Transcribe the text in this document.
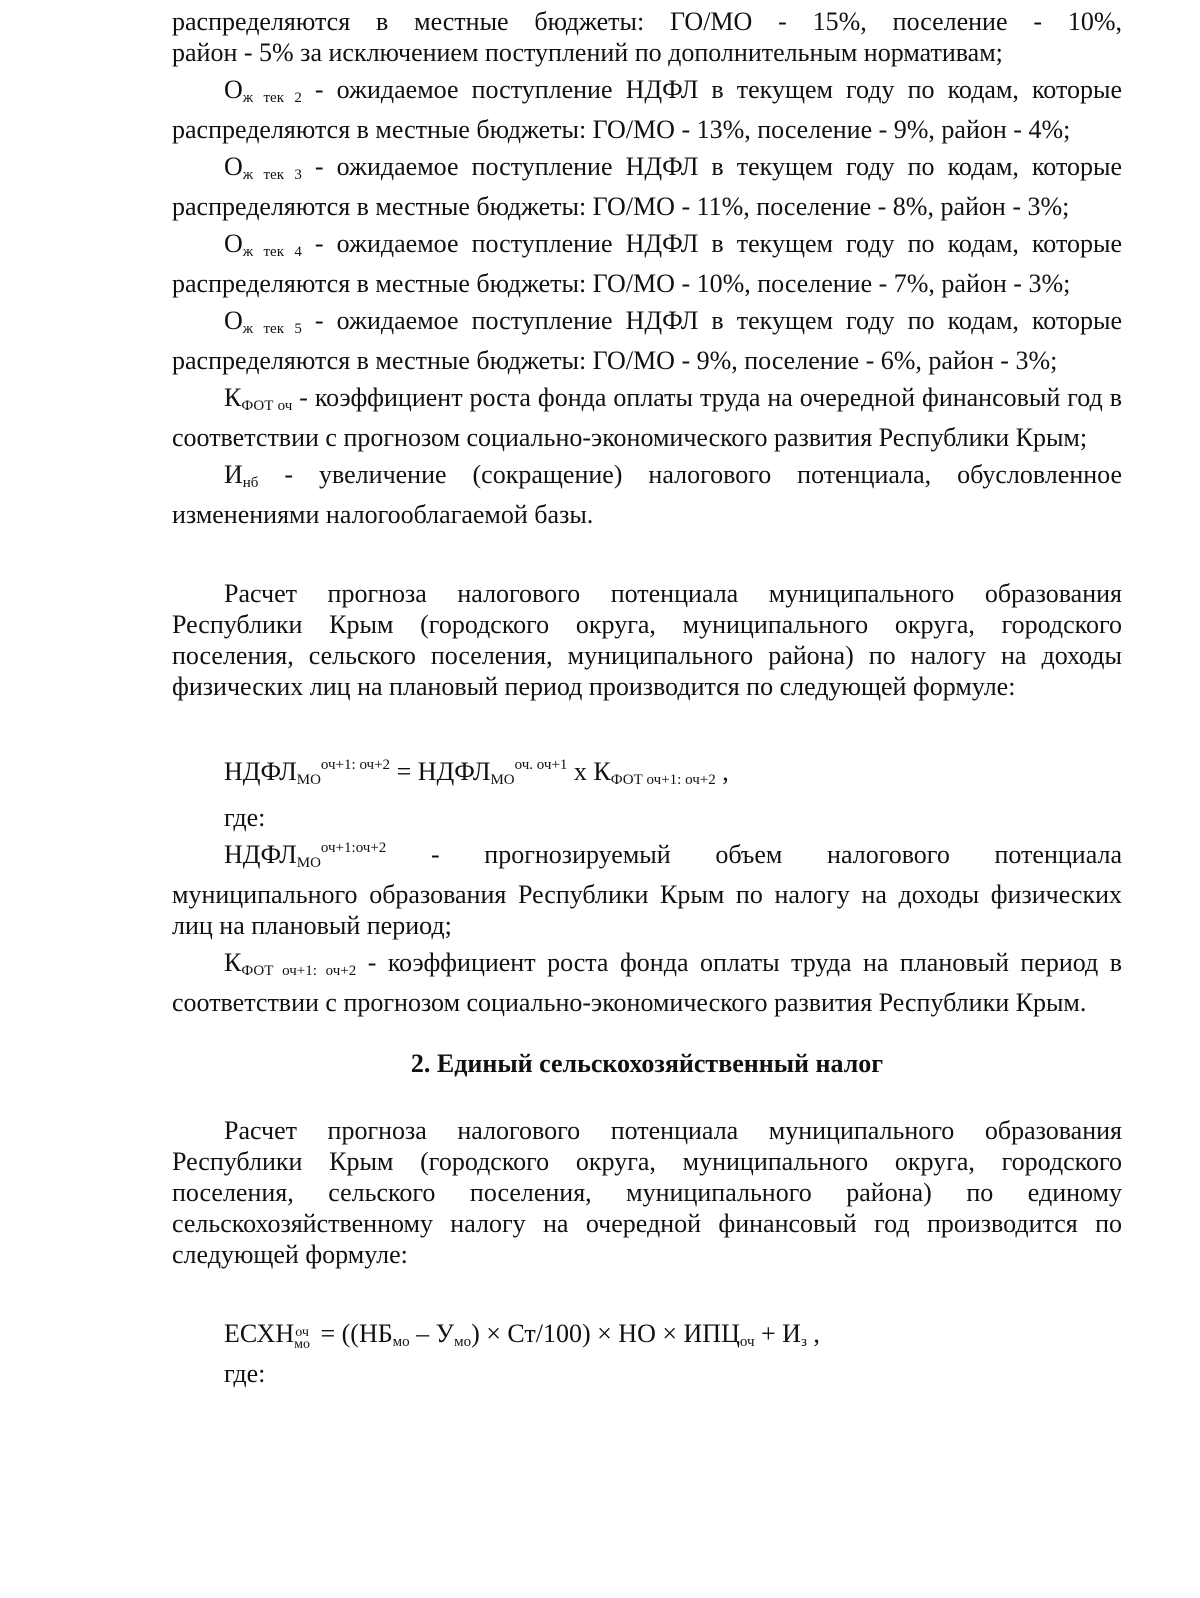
распределяются в местные бюджеты: ГО/МО - 15%, поселение - 10%,

район - 5% за исключением поступлений по дополнительным нормативам;

$О_{ж тек 2}$ - ожидаемое поступление НДФЛ в текущем году по кодам, которые распределяются в местные бюджеты: ГО/МО - 13%, поселение - 9%, район - 4%;

$О_{ж тек 3}$ - ожидаемое поступление НДФЛ в текущем году по кодам, которые распределяются в местные бюджеты: ГО/МО - 11%, поселение - 8%, район - 3%;

$О_{ж тек 4}$ - ожидаемое поступление НДФЛ в текущем году по кодам, которые распределяются в местные бюджеты: ГО/МО - 10%, поселение - 7%, район - 3%;

$О_{ж тек 5}$ - ожидаемое поступление НДФЛ в текущем году по кодам, которые распределяются в местные бюджеты: ГО/МО - 9%, поселение - 6%, район - 3%;

$К_{ФОТ оч}$ - коэффициент роста фонда оплаты труда на очередной финансовый год в соответствии с прогнозом социально-экономического развития Республики Крым;

$И_{нб}$ - увеличение (сокращение) налогового потенциала, обусловленное изменениями налогооблагаемой базы.

Расчет прогноза налогового потенциала муниципального образования Республики Крым (городского округа, муниципального округа, городского поселения, сельского поселения, муниципального района) по налогу на доходы физических лиц на плановый период производится по следующей формуле:

$НДФЛ_{МО}^{оч+1: оч+2}$ = $НДФЛ_{МО}^{оч. оч+1}$ x $К_{ФОТ оч+1: оч+2}$ ,

где:

$НДФЛ_{МО}^{оч+1:оч+2}$ - прогнозируемый объем налогового потенциала муниципального образования Республики Крым по налогу на доходы физических лиц на плановый период;

$К_{ФОТ оч+1: оч+2}$ - коэффициент роста фонда оплаты труда на плановый период в соответствии с прогнозом социально-экономического развития Республики Крым.

2. Единый сельскохозяйственный налог

Расчет прогноза налогового потенциала муниципального образования Республики Крым (городского округа, муниципального округа, городского поселения, сельского поселения, муниципального района) по единому сельскохозяйственному налогу на очередной финансовый год производится по следующей формуле:

ЕСХН оч
мо = $((НБ_{мо} - У_{мо}) \times Ст/100)$ × НО × $ИПЦ_{оч} + И_з$ ,

где:
